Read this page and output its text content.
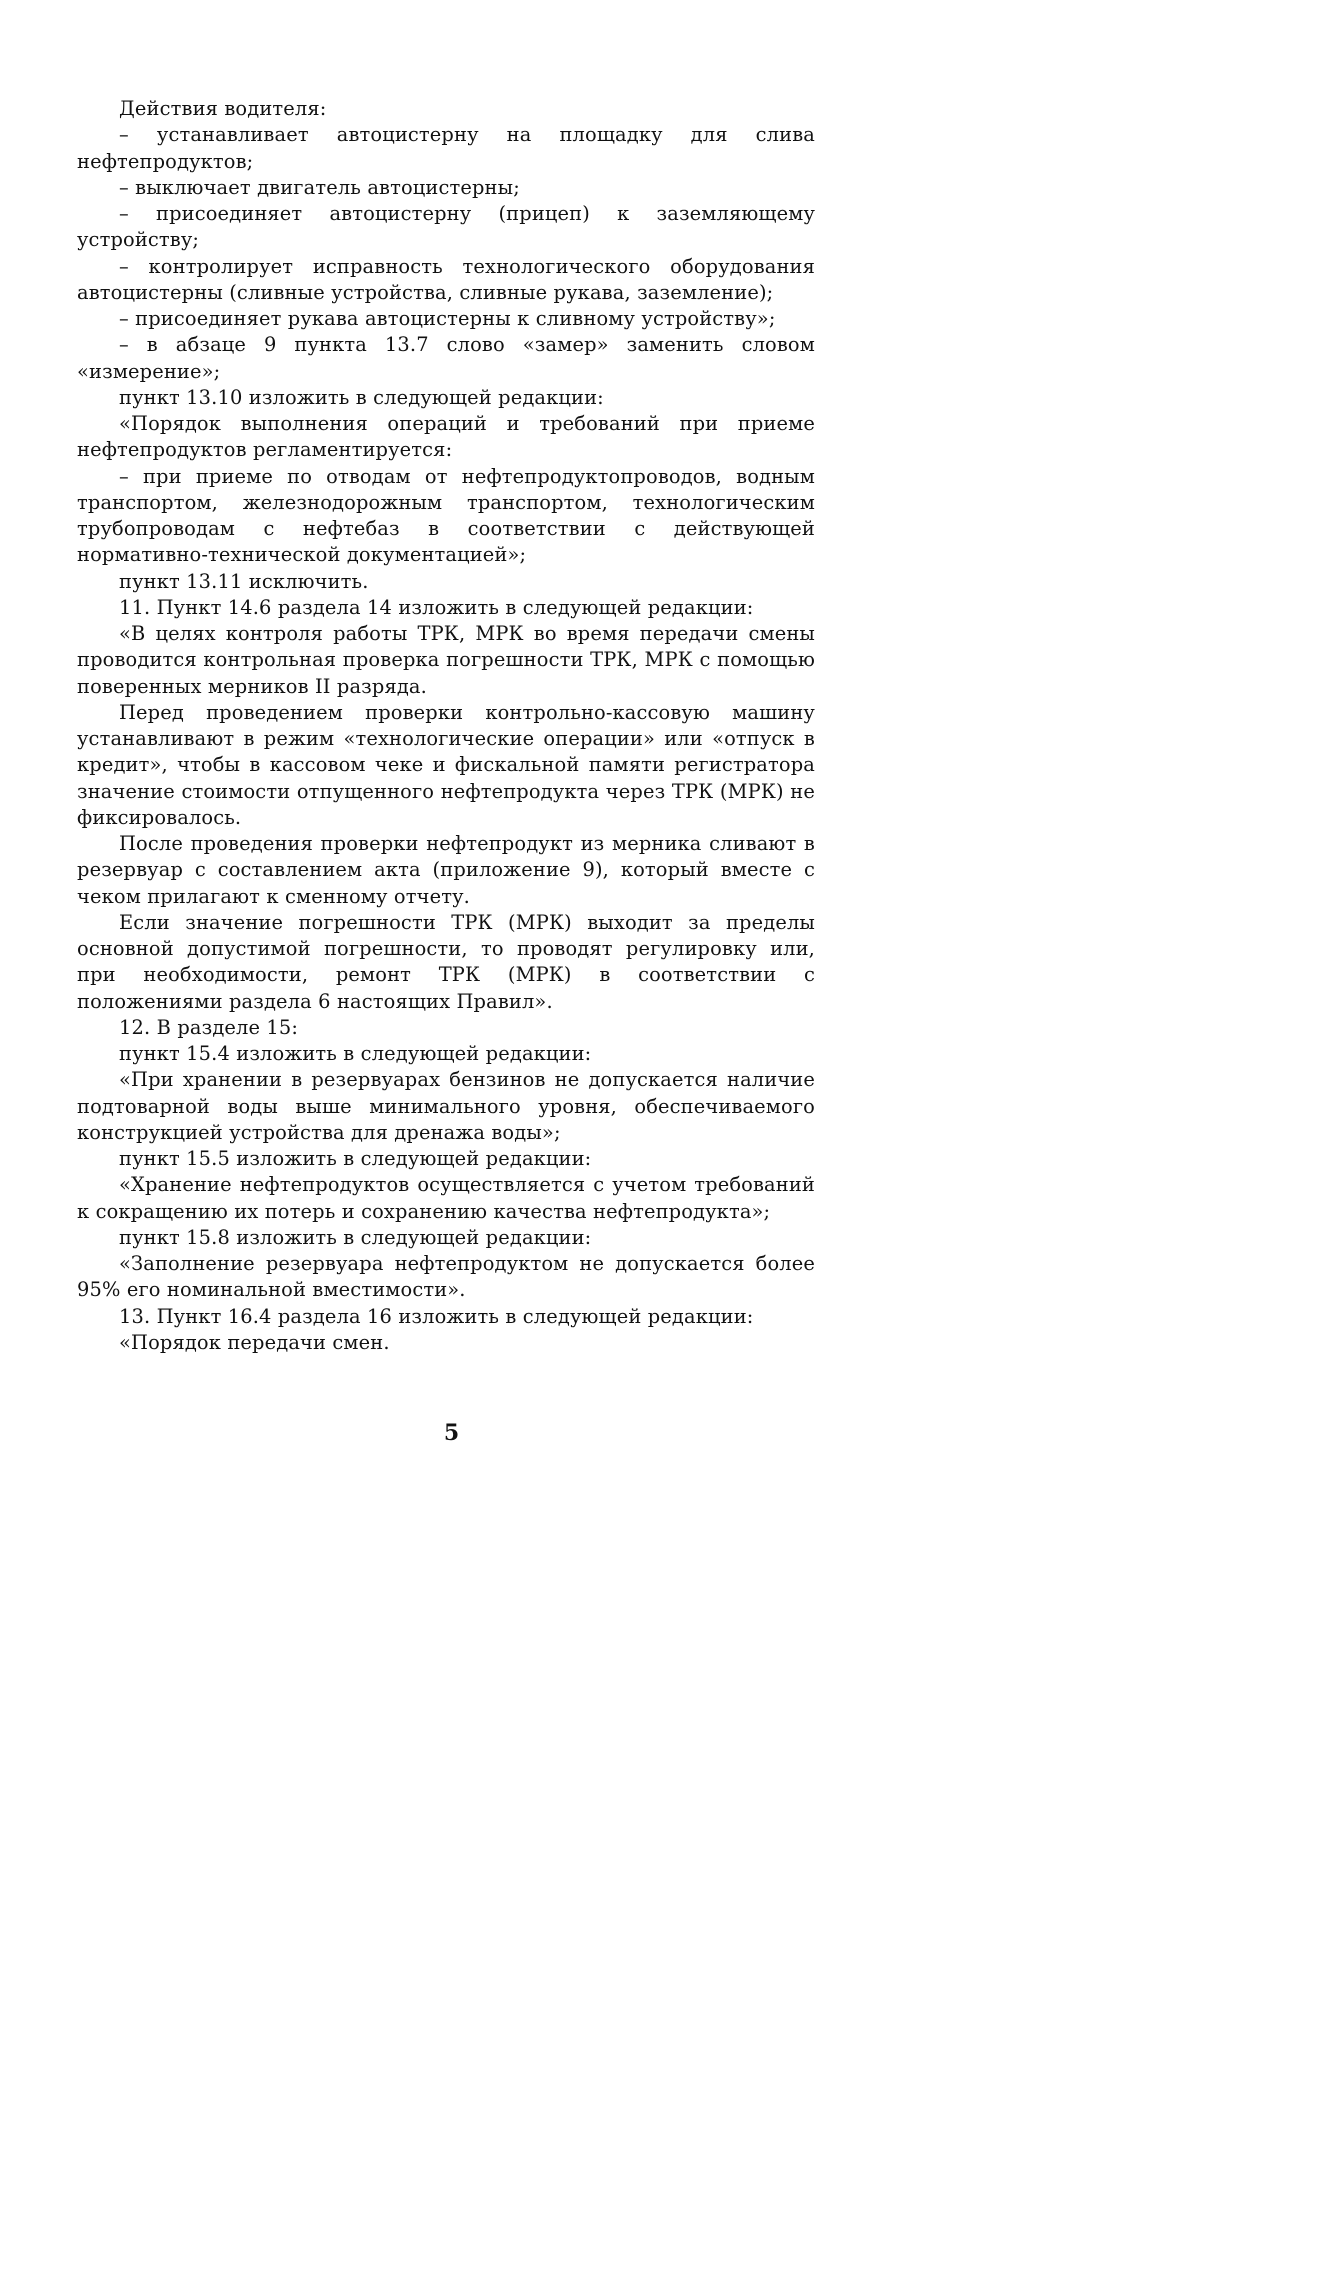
Действия водителя:

– устанавливает автоцистерну на площадку для слива нефтепродуктов;

– выключает двигатель автоцистерны;

– присоединяет автоцистерну (прицеп) к заземляющему устройству;

– контролирует исправность технологического оборудования автоцистерны (сливные устройства, сливные рукава, заземление);

– присоединяет рукава автоцистерны к сливному устройству»;

– в абзаце 9 пункта 13.7 слово «замер» заменить словом «измерение»;

пункт 13.10 изложить в следующей редакции:

«Порядок выполнения операций и требований при приеме нефтепродуктов регламентируется:

– при приеме по отводам от нефтепродуктопроводов, водным транспортом, железнодорожным транспортом, технологическим трубопроводам с нефтебаз в соответствии с действующей нормативно-технической документацией»;

пункт 13.11 исключить.

11. Пункт 14.6 раздела 14 изложить в следующей редакции:

«В целях контроля работы ТРК, МРК во время передачи смены проводится контрольная проверка погрешности ТРК, МРК с помощью поверенных мерников II разряда.

Перед проведением проверки контрольно-кассовую машину устанавливают в режим «технологические операции» или «отпуск в кредит», чтобы в кассовом чеке и фискальной памяти регистратора значение стоимости отпущенного нефтепродукта через ТРК (МРК) не фиксировалось.

После проведения проверки нефтепродукт из мерника сливают в резервуар с составлением акта (приложение 9), который вместе с чеком прилагают к сменному отчету.

Если значение погрешности ТРК (МРК) выходит за пределы основной допустимой погрешности, то проводят регулировку или, при необходимости, ремонт ТРК (МРК) в соответствии с положениями раздела 6 настоящих Правил».

12. В разделе 15:

пункт 15.4 изложить в следующей редакции:

«При хранении в резервуарах бензинов не допускается наличие подтоварной воды выше минимального уровня, обеспечиваемого конструкцией устройства для дренажа воды»;

пункт 15.5 изложить в следующей редакции:

«Хранение нефтепродуктов осуществляется с учетом требований к сокращению их потерь и сохранению качества нефтепродукта»;

пункт 15.8 изложить в следующей редакции:

«Заполнение резервуара нефтепродуктом не допускается более 95% его номинальной вместимости».

13. Пункт 16.4 раздела 16 изложить в следующей редакции:

«Порядок передачи смен.

5
